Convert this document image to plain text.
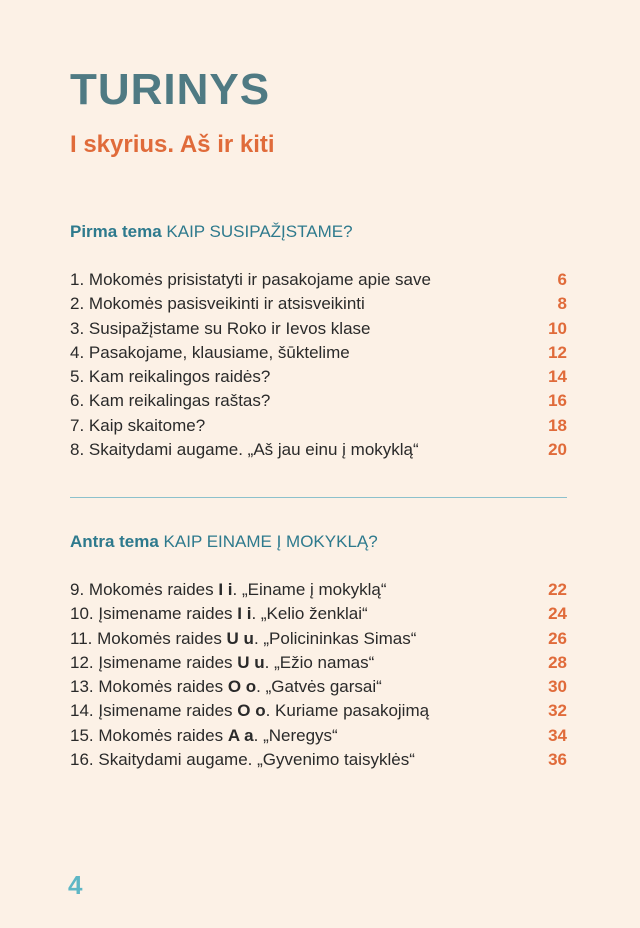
TURINYS
I skyrius. Aš ir kiti
Pirma tema KAIP SUSIPAŽĮSTAME?
1. Mokomės prisistatyti ir pasakojame apie save	6
2. Mokomės pasisveikinti ir atsisveikinti	8
3. Susipažįstame su Roko ir Ievos klase	10
4. Pasakojame, klausiame, šūktelime	12
5. Kam reikalingos raidės?	14
6. Kam reikalingas raštas?	16
7. Kaip skaitome?	18
8. Skaitydami augame. „Aš jau einu į mokyklą“	20
Antra tema KAIP EINAME Į MOKYKLĄ?
9. Mokomės raides I i. „Einame į mokyklą“	22
10. Įsimename raides I i. „Kelio ženklai“	24
11. Mokomės raides U u. „Policininkas Simas“	26
12. Įsimename raides U u. „Ežio namas“	28
13. Mokomės raides O o. „Gatvės garsai“	30
14. Įsimename raides O o. Kuriame pasakojimą	32
15. Mokomės raides A a. „Neregys“	34
16. Skaitydami augame. „Gyvenimo taisyklės“	36
4
